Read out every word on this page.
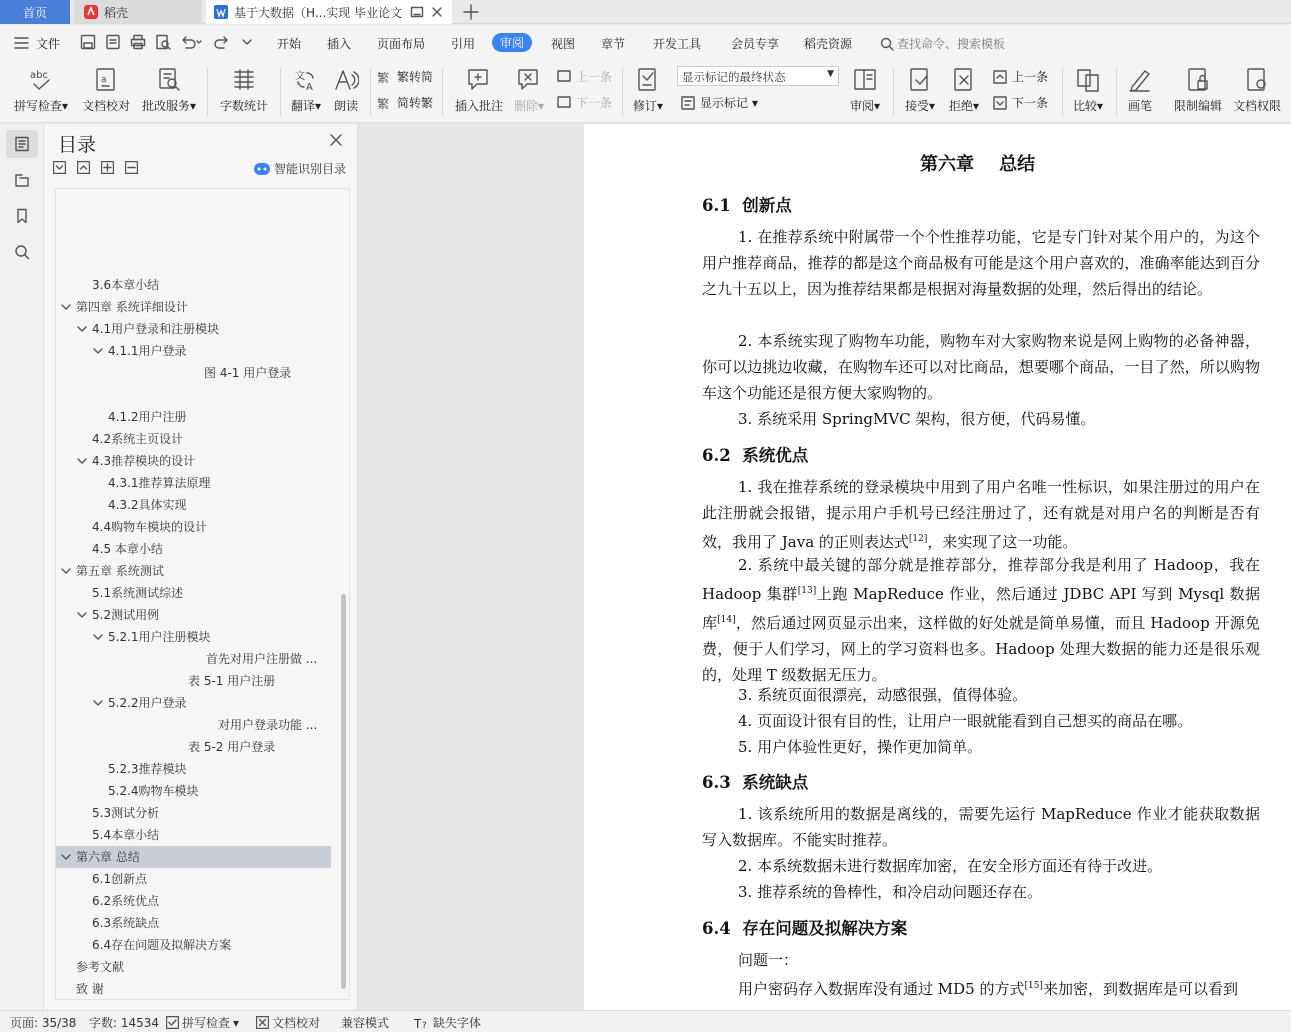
首页	稻壳	基于大数据（H...实现 毕业论文
文件	开始 插入 页面布局 引用	审阅	视图 章节 开发工具 会员专享 稻壳资源	查找命令、搜索模板
abc
拼写检查▾
a
文档校对 批改服务▾ 字数统计
文
A
翻译▾	朗读
繁 繁转简
繁 简转繁 插入批注 删除▾
上一条
下一条 修订▾
显示标记的最终状态	▼
显示标记 ▾	审阅▾ 接受▾ 拒绝▾
上一条
下一条 比较▾	画笔	限制编辑 文档权限
目录
智能识别目录
3.6本章小结
第四章 系统详细设计
4.1用户登录和注册模块
4.1.1用户登录
图 4-1 用户登录
4.1.2用户注册
4.2系统主页设计
4.3推荐模块的设计
4.3.1推荐算法原理
4.3.2具体实现
4.4购物车模块的设计
4.5 本章小结
第五章 系统测试
5.1系统测试综述
5.2测试用例
5.2.1用户注册模块
首先对用户注册做 ...
表 5-1 用户注册
5.2.2用户登录
对用户登录功能 ...
表 5-2 用户登录
5.2.3推荐模块
5.2.4购物车模块
5.3测试分析
5.4本章小结
第六章 总结
6.1创新点
6.2系统优点
6.3系统缺点
6.4存在问题及拟解决方案
参考文献
致 谢
第六章    总结
6.1  创新点
1. 在推荐系统中附属带一个个性推荐功能，它是专门针对某个用户的，为这个用户推荐商品，推荐的都是这个商品极有可能是这个用户喜欢的，准确率能达到百分之九十五以上，因为推荐结果都是根据对海量数据的处理，然后得出的结论。
2. 本系统实现了购物车功能，购物车对大家购物来说是网上购物的必备神器，你可以边挑边收藏，在购物车还可以对比商品，想要哪个商品，一目了然，所以购物车这个功能还是很方便大家购物的。
3. 系统采用 SpringMVC 架构，很方便，代码易懂。
6.2  系统优点
1. 我在推荐系统的登录模块中用到了用户名唯一性标识，如果注册过的用户在此注册就会报错，提示用户手机号已经注册过了，还有就是对用户名的判断是否有效，我用了 Java 的正则表达式[12]，来实现了这一功能。
2. 系统中最关键的部分就是推荐部分，推荐部分我是利用了 Hadoop，我在 Hadoop 集群[13]上跑 MapReduce 作业，然后通过 JDBC API 写到 Mysql 数据库[14]，然后通过网页显示出来，这样做的好处就是简单易懂，而且 Hadoop 开源免费，便于人们学习，网上的学习资料也多。Hadoop 处理大数据的能力还是很乐观的，处理 T 级数据无压力。
3. 系统页面很漂亮，动感很强，值得体验。
4. 页面设计很有目的性，让用户一眼就能看到自己想买的商品在哪。
5. 用户体验性更好，操作更加简单。
6.3  系统缺点
1. 该系统所用的数据是离线的，需要先运行 MapReduce 作业才能获取数据写入数据库。不能实时推荐。
2. 本系统数据未进行数据库加密，在安全形方面还有待于改进。
3. 推荐系统的鲁棒性，和冷启动问题还存在。
6.4  存在问题及拟解决方案
问题一：
用户密码存入数据库没有通过 MD5 的方式[15]来加密，到数据库是可以看到
页面: 35/38 字数: 14534 拼写检查 ▾	文档校对 兼容模式 T ? 缺失字体
